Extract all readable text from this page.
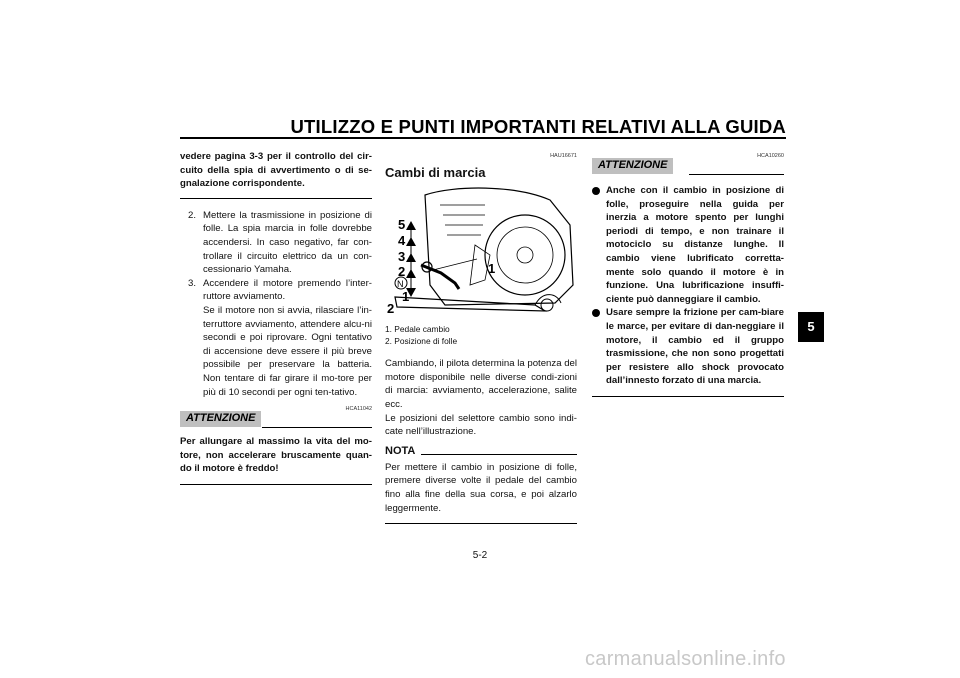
UTILIZZO E PUNTI IMPORTANTI RELATIVI ALLA GUIDA

vedere pagina 3-3 per il controllo del cir-cuito della spia di avvertimento o di se-gnalazione corrispondente.

2. Mettere la trasmissione in posizione di folle. La spia marcia in folle dovrebbe accendersi. In caso negativo, far con-trollare il circuito elettrico da un con-cessionario Yamaha.
3. Accendere il motore premendo l’inter-ruttore avviamento.
Se il motore non si avvia, rilasciare l’in-terruttore avviamento, attendere alcu-ni secondi e poi riprovare. Ogni tentativo di accensione deve essere il più breve possibile per preservare la batteria. Non tentare di far girare il mo-tore per più di 10 secondi per ogni ten-tativo.
ATTENZIONE
HCA11042

Per allungare al massimo la vita del mo-tore, non accelerare bruscamente quan-do il motore è freddo!

HAU16671
Cambi di marcia
5
4
3
2
N
1
1
2
1. Pedale cambio
2. Posizione di folle

Cambiando, il pilota determina la potenza del motore disponibile nelle diverse condi-zioni di marcia: avviamento, accelerazione, salite ecc.

Le posizioni del selettore cambio sono indi-cate nell’illustrazione.

NOTA

Per mettere il cambio in posizione di folle, premere diverse volte il pedale del cambio fino alla fine della sua corsa, e poi alzarlo leggermente.

ATTENZIONE
HCA10260
Anche con il cambio in posizione di folle, proseguire nella guida per inerzia a motore spento per lunghi periodi di tempo, e non trainare il motociclo su distanze lunghe. Il cambio viene lubrificato corretta-mente solo quando il motore è in funzione. Una lubrificazione insuffi-ciente può danneggiare il cambio.
Usare sempre la frizione per cam-biare le marce, per evitare di dan-neggiare il motore, il cambio ed il gruppo trasmissione, che non sono progettati per resistere allo shock provocato dall’innesto forzato di una marcia.
5
5-2
carmanualsonline.info
